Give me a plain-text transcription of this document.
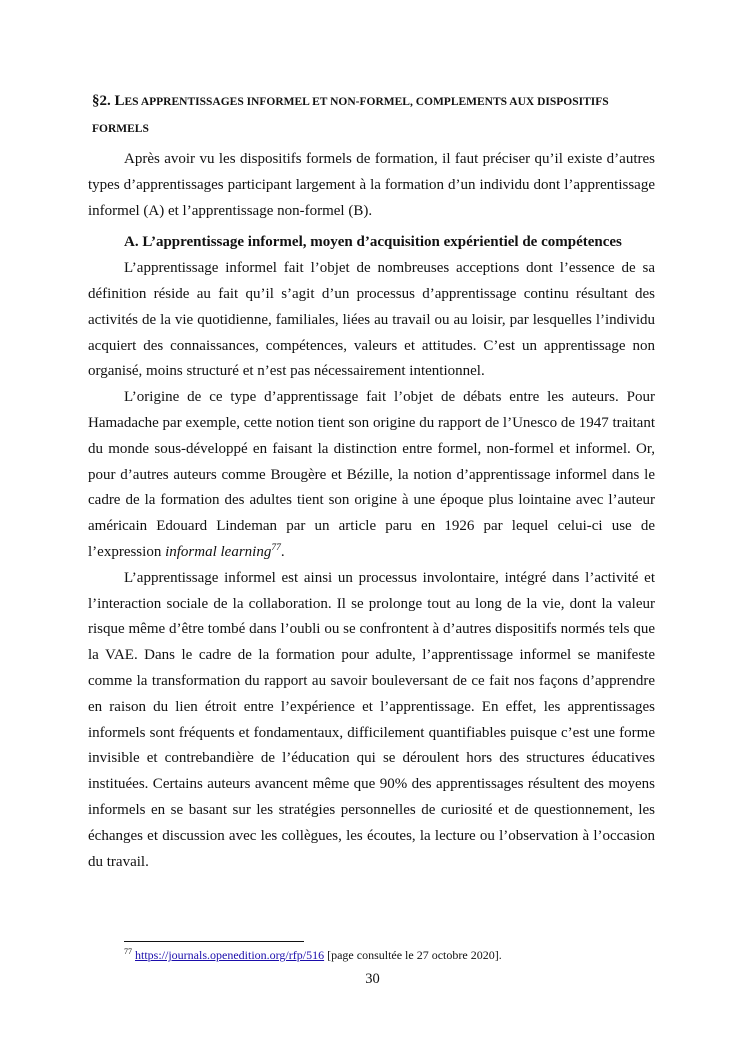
§2. LES APPRENTISSAGES INFORMEL ET NON-FORMEL, COMPLEMENTS AUX DISPOSITIFS FORMELS

Après avoir vu les dispositifs formels de formation, il faut préciser qu’il existe d’autres types d’apprentissages participant largement à la formation d’un individu dont l’apprentissage informel (A) et l’apprentissage non-formel (B).

A. L’apprentissage informel, moyen d’acquisition expérientiel de compétences

L’apprentissage informel fait l’objet de nombreuses acceptions dont l’essence de sa définition réside au fait qu’il s’agit d’un processus d’apprentissage continu résultant des activités de la vie quotidienne, familiales, liées au travail ou au loisir, par lesquelles l’individu acquiert des connaissances, compétences, valeurs et attitudes. C’est un apprentissage non organisé, moins structuré et n’est pas nécessairement intentionnel.

L’origine de ce type d’apprentissage fait l’objet de débats entre les auteurs. Pour Hamadache par exemple, cette notion tient son origine du rapport de l’Unesco de 1947 traitant du monde sous-développé en faisant la distinction entre formel, non-formel et informel. Or, pour d’autres auteurs comme Brougère et Bézille, la notion d’apprentissage informel dans le cadre de la formation des adultes tient son origine à une époque plus lointaine avec l’auteur américain Edouard Lindeman par un article paru en 1926 par lequel celui-ci use de l’expression informal learning$^{77}$.

L’apprentissage informel est ainsi un processus involontaire, intégré dans l’activité et l’interaction sociale de la collaboration. Il se prolonge tout au long de la vie, dont la valeur risque même d’être tombé dans l’oubli ou se confrontent à d’autres dispositifs normés tels que la VAE. Dans le cadre de la formation pour adulte, l’apprentissage informel se manifeste comme la transformation du rapport au savoir bouleversant de ce fait nos façons d’apprendre en raison du lien étroit entre l’expérience et l’apprentissage. En effet, les apprentissages informels sont fréquents et fondamentaux, difficilement quantifiables puisque c’est une forme invisible et contrebandière de l’éducation qui se déroulent hors des structures éducatives instituées. Certains auteurs avancent même que 90% des apprentissages résultent des moyens informels en se basant sur les stratégies personnelles de curiosité et de questionnement, les échanges et discussion avec les collègues, les écoutes, la lecture ou l’observation à l’occasion du travail.

$^{77}$ https://journals.openedition.org/rfp/516 [page consultée le 27 octobre 2020].
30
